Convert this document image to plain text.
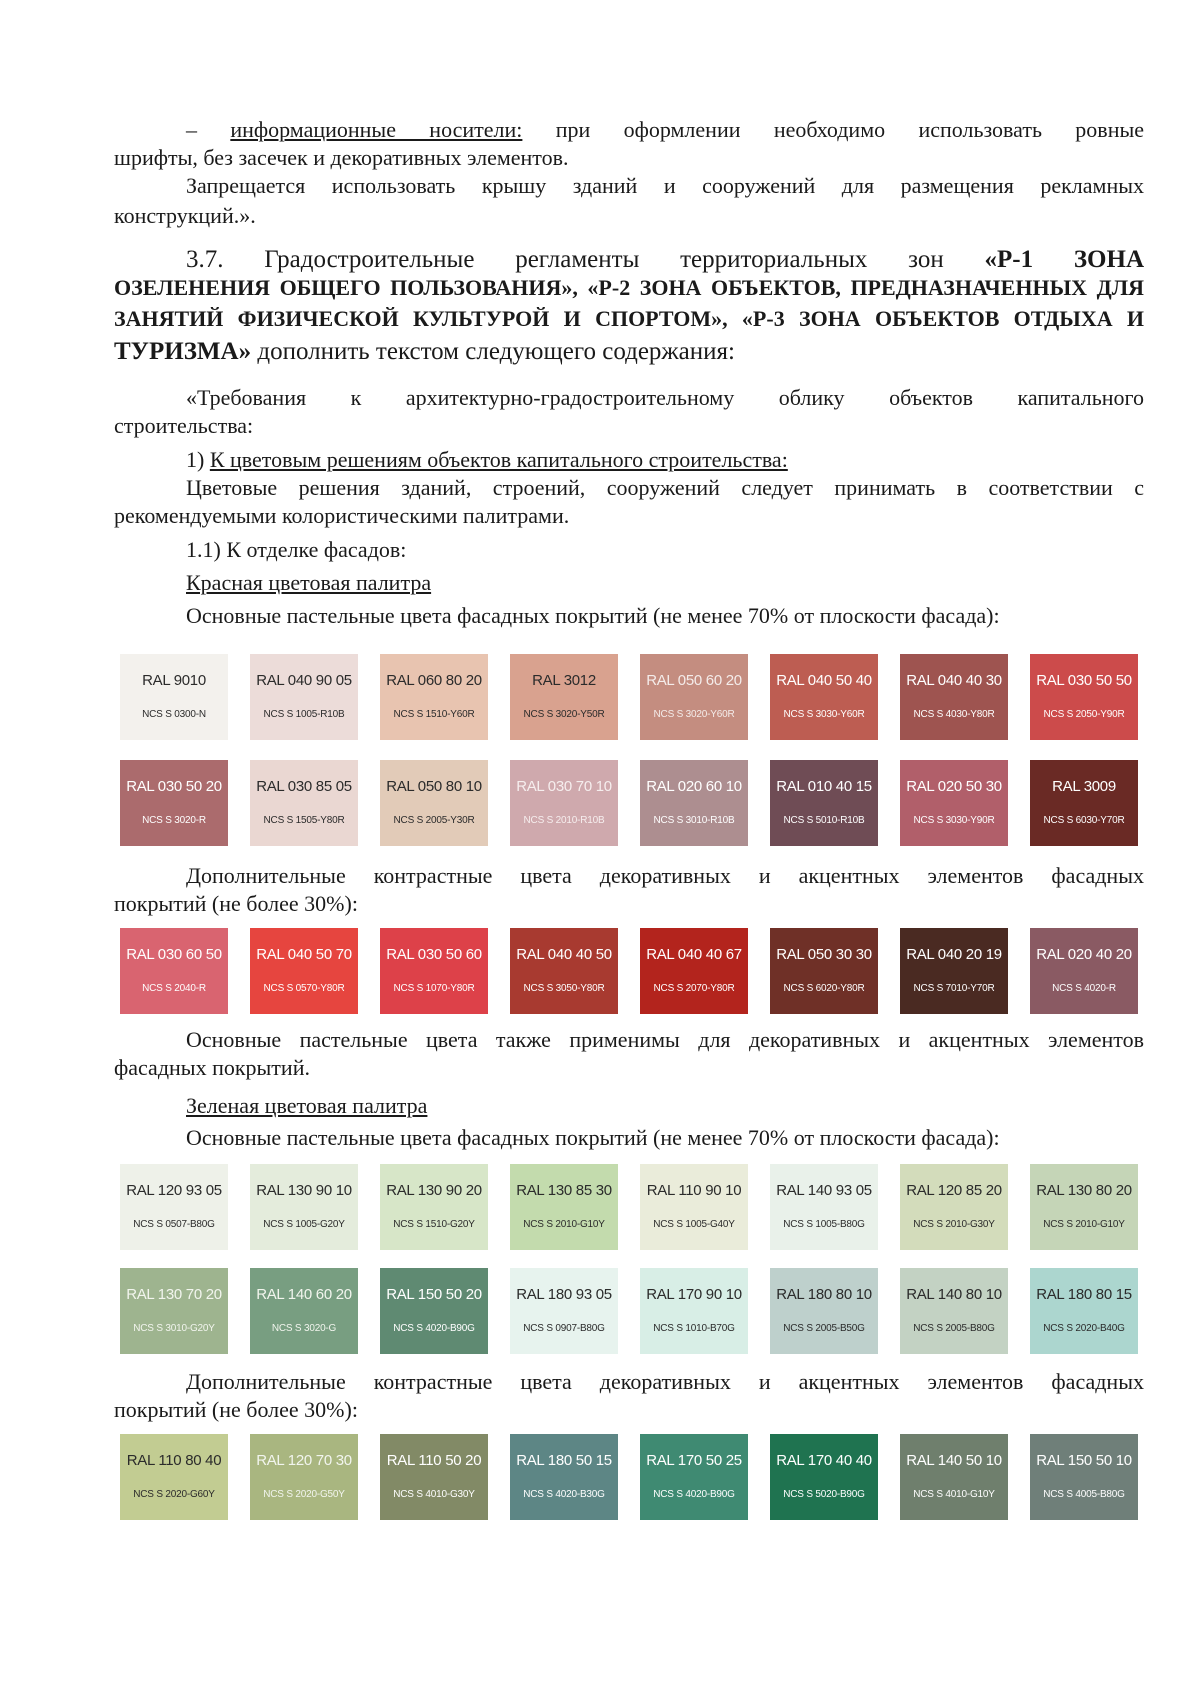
– информационные носители: при оформлении необходимо использовать ровные

шрифты, без засечек и декоративных элементов.

Запрещается использовать крышу зданий и сооружений для размещения рекламных

конструкций.».

3.7. Градостроительные регламенты территориальных зон «Р-1 ЗОНА

ОЗЕЛЕНЕНИЯ ОБЩЕГО ПОЛЬЗОВАНИЯ», «Р-2 ЗОНА ОБЪЕКТОВ, ПРЕДНАЗНАЧЕННЫХ ДЛЯ

ЗАНЯТИЙ ФИЗИЧЕСКОЙ КУЛЬТУРОЙ И СПОРТОМ», «Р-3 ЗОНА ОБЪЕКТОВ ОТДЫХА И

ТУРИЗМА» дополнить текстом следующего содержания:

«Требования к архитектурно-градостроительному облику объектов капитального

строительства:

1) К цветовым решениям объектов капитального строительства:

Цветовые решения зданий, строений, сооружений следует принимать в соответствии с

рекомендуемыми колористическими палитрами.

1.1) К отделке фасадов:

Красная цветовая палитра

Основные пастельные цвета фасадных покрытий (не менее 70% от плоскости фасада):

RAL 9010
NCS S 0300-N
RAL 040 90 05
NCS S 1005-R10B
RAL 060 80 20
NCS S 1510-Y60R
RAL 3012
NCS S 3020-Y50R
RAL 050 60 20
NCS S 3020-Y60R
RAL 040 50 40
NCS S 3030-Y60R
RAL 040 40 30
NCS S 4030-Y80R
RAL 030 50 50
NCS S 2050-Y90R
RAL 030 50 20
NCS S 3020-R
RAL 030 85 05
NCS S 1505-Y80R
RAL 050 80 10
NCS S 2005-Y30R
RAL 030 70 10
NCS S 2010-R10B
RAL 020 60 10
NCS S 3010-R10B
RAL 010 40 15
NCS S 5010-R10B
RAL 020 50 30
NCS S 3030-Y90R
RAL 3009
NCS S 6030-Y70R

Дополнительные контрастные цвета декоративных и акцентных элементов фасадных

покрытий (не более 30%):

RAL 030 60 50
NCS S 2040-R
RAL 040 50 70
NCS S 0570-Y80R
RAL 030 50 60
NCS S 1070-Y80R
RAL 040 40 50
NCS S 3050-Y80R
RAL 040 40 67
NCS S 2070-Y80R
RAL 050 30 30
NCS S 6020-Y80R
RAL 040 20 19
NCS S 7010-Y70R
RAL 020 40 20
NCS S 4020-R

Основные пастельные цвета также применимы для декоративных и акцентных элементов

фасадных покрытий.

Зеленая цветовая палитра

Основные пастельные цвета фасадных покрытий (не менее 70% от плоскости фасада):

RAL 120 93 05
NCS S 0507-B80G
RAL 130 90 10
NCS S 1005-G20Y
RAL 130 90 20
NCS S 1510-G20Y
RAL 130 85 30
NCS S 2010-G10Y
RAL 110 90 10
NCS S 1005-G40Y
RAL 140 93 05
NCS S 1005-B80G
RAL 120 85 20
NCS S 2010-G30Y
RAL 130 80 20
NCS S 2010-G10Y
RAL 130 70 20
NCS S 3010-G20Y
RAL 140 60 20
NCS S 3020-G
RAL 150 50 20
NCS S 4020-B90G
RAL 180 93 05
NCS S 0907-B80G
RAL 170 90 10
NCS S 1010-B70G
RAL 180 80 10
NCS S 2005-B50G
RAL 140 80 10
NCS S 2005-B80G
RAL 180 80 15
NCS S 2020-B40G

Дополнительные контрастные цвета декоративных и акцентных элементов фасадных

покрытий (не более 30%):

RAL 110 80 40
NCS S 2020-G60Y
RAL 120 70 30
NCS S 2020-G50Y
RAL 110 50 20
NCS S 4010-G30Y
RAL 180 50 15
NCS S 4020-B30G
RAL 170 50 25
NCS S 4020-B90G
RAL 170 40 40
NCS S 5020-B90G
RAL 140 50 10
NCS S 4010-G10Y
RAL 150 50 10
NCS S 4005-B80G
